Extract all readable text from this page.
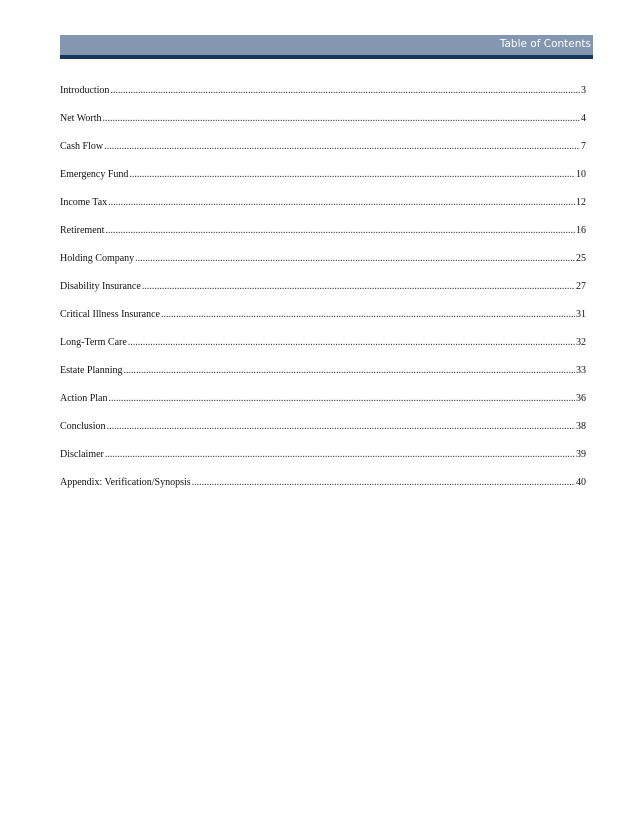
Table of Contents
Introduction .....	3
Net Worth .....	4
Cash Flow .....	7
Emergency Fund .....	10
Income Tax .....	12
Retirement .....	16
Holding Company .....	25
Disability Insurance .....	27
Critical Illness Insurance .....	31
Long-Term Care .....	32
Estate Planning .....	33
Action Plan .....	36
Conclusion .....	38
Disclaimer .....	39
Appendix: Verification/Synopsis .....	40
